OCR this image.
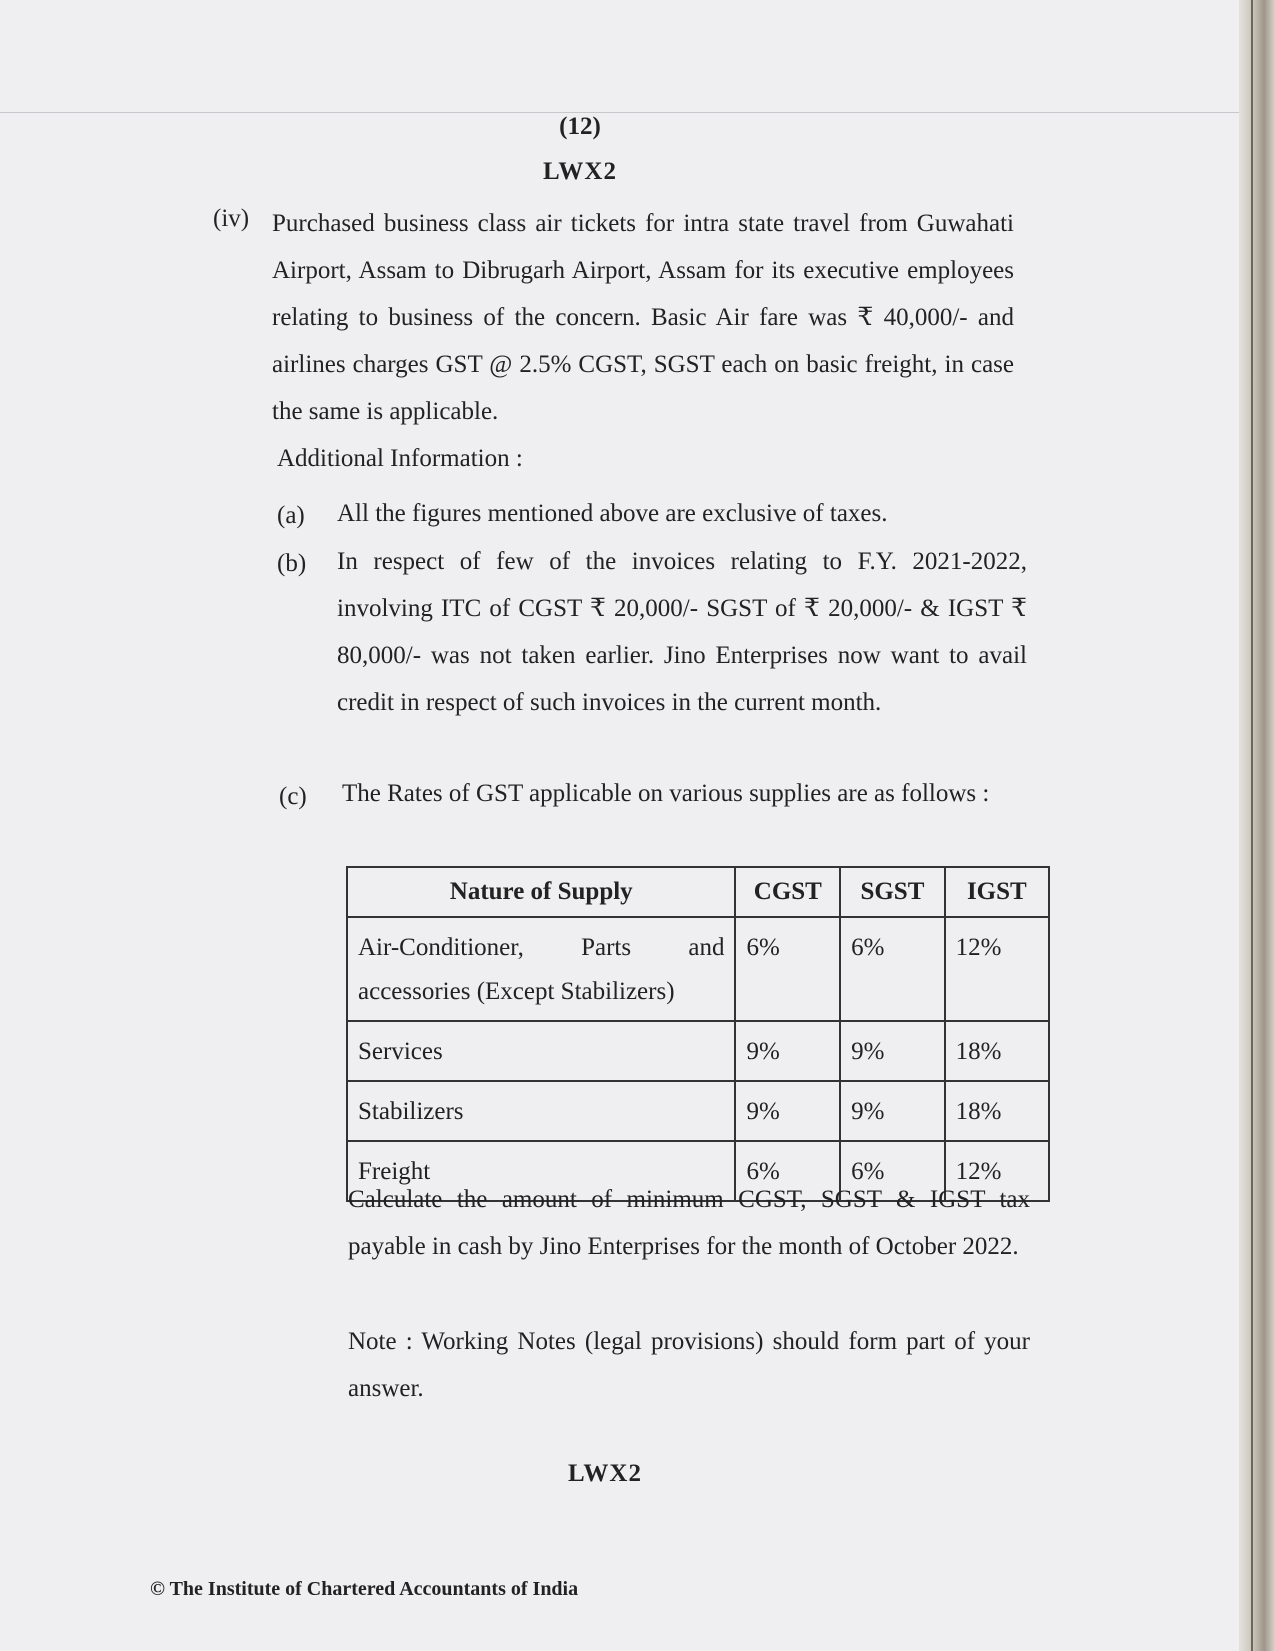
(12)
LWX2
(iv) Purchased business class air tickets for intra state travel from Guwahati Airport, Assam to Dibrugarh Airport, Assam for its executive employees relating to business of the concern. Basic Air fare was ₹ 40,000/- and airlines charges GST @ 2.5% CGST, SGST each on basic freight, in case the same is applicable.
Additional Information :
(a) All the figures mentioned above are exclusive of taxes.
(b) In respect of few of the invoices relating to F.Y. 2021-2022, involving ITC of CGST ₹ 20,000/- SGST of ₹ 20,000/- & IGST ₹ 80,000/- was not taken earlier. Jino Enterprises now want to avail credit in respect of such invoices in the current month.
(c) The Rates of GST applicable on various supplies are as follows :
Nature of Supply	CGST	SGST	IGST
Air-Conditioner, Parts and accessories (Except Stabilizers)	6%	6%	12%
Services	9%	9%	18%
Stabilizers	9%	9%	18%
Freight	6%	6%	12%
Calculate the amount of minimum CGST, SGST & IGST tax payable in cash by Jino Enterprises for the month of October 2022.
Note : Working Notes (legal provisions) should form part of your answer.
LWX2
© The Institute of Chartered Accountants of India
